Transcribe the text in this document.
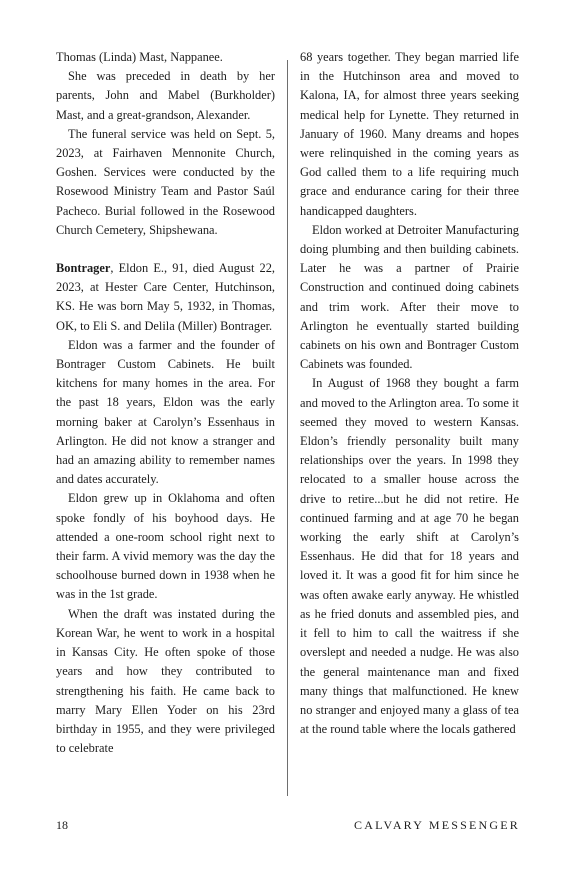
Thomas (Linda) Mast, Nappanee.

She was preceded in death by her parents, John and Mabel (Burkholder) Mast, and a great-grandson, Alexander.

The funeral service was held on Sept. 5, 2023, at Fairhaven Mennonite Church, Goshen. Services were conducted by the Rosewood Ministry Team and Pastor Saúl Pacheco. Burial followed in the Rosewood Church Cemetery, Shipshewana.

Bontrager, Eldon E., 91, died August 22, 2023, at Hester Care Center, Hutchinson, KS. He was born May 5, 1932, in Thomas, OK, to Eli S. and Delila (Miller) Bontrager.

Eldon was a farmer and the founder of Bontrager Custom Cabinets. He built kitchens for many homes in the area. For the past 18 years, Eldon was the early morning baker at Carolyn’s Essenhaus in Arlington. He did not know a stranger and had an amazing ability to remember names and dates accurately.

Eldon grew up in Oklahoma and often spoke fondly of his boyhood days. He attended a one-room school right next to their farm. A vivid memory was the day the schoolhouse burned down in 1938 when he was in the 1st grade.

When the draft was instated during the Korean War, he went to work in a hospital in Kansas City. He often spoke of those years and how they contributed to strengthening his faith. He came back to marry Mary Ellen Yoder on his 23rd birthday in 1955, and they were privileged to celebrate

68 years together. They began married life in the Hutchinson area and moved to Kalona, IA, for almost three years seeking medical help for Lynette. They returned in January of 1960. Many dreams and hopes were relinquished in the coming years as God called them to a life requiring much grace and endurance caring for their three handicapped daughters.

Eldon worked at Detroiter Manufacturing doing plumbing and then building cabinets. Later he was a partner of Prairie Construction and continued doing cabinets and trim work. After their move to Arlington he eventually started building cabinets on his own and Bontrager Custom Cabinets was founded.

In August of 1968 they bought a farm and moved to the Arlington area. To some it seemed they moved to western Kansas. Eldon’s friendly personality built many relationships over the years. In 1998 they relocated to a smaller house across the drive to retire...but he did not retire. He continued farming and at age 70 he began working the early shift at Carolyn’s Essenhaus. He did that for 18 years and loved it. It was a good fit for him since he was often awake early anyway. He whistled as he fried donuts and assembled pies, and it fell to him to call the waitress if she overslept and needed a nudge. He was also the general maintenance man and fixed many things that malfunctioned. He knew no stranger and enjoyed many a glass of tea at the round table where the locals gathered

18	CALVARY MESSENGER
